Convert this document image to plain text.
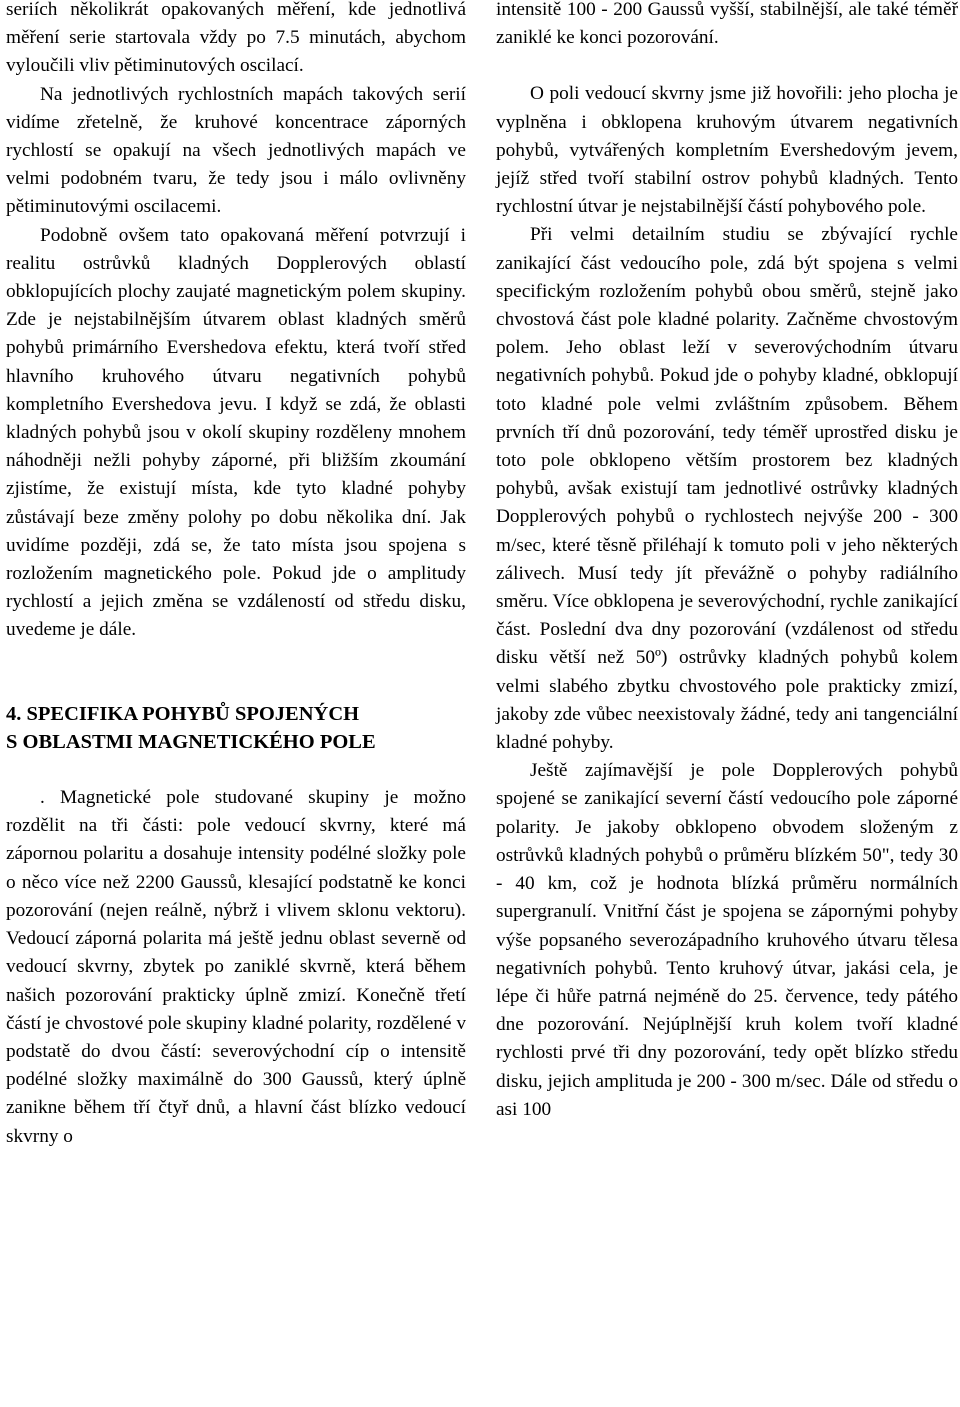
seriích několikrát opakovaných měření, kde jednotlivá měření serie startovala vždy po 7.5 minutách, abychom vyloučili vliv pětiminutových oscilací.

Na jednotlivých rychlostních mapách takových serií vidíme zřetelně, že kruhové koncentrace záporných rychlostí se opakují na všech jednotlivých mapách ve velmi podobném tvaru, že tedy jsou i málo ovlivněny pětiminutovými oscilacemi.

Podobně ovšem tato opakovaná měření potvrzují i realitu ostrůvků kladných Dopplerových oblastí obklopujících plochy zaujaté magnetickým polem skupiny. Zde je nejstabilnějším útvarem oblast kladných směrů pohybů primárního Evershedova efektu, která tvoří střed hlavního kruhového útvaru negativních pohybů kompletního Evershedova jevu. I když se zdá, že oblasti kladných pohybů jsou v okolí skupiny rozděleny mnohem náhodněji nežli pohyby záporné, při bližším zkoumání zjistíme, že existují místa, kde tyto kladné pohyby zůstávají beze změny polohy po dobu několika dní. Jak uvidíme později, zdá se, že tato místa jsou spojena s rozložením magnetického pole. Pokud jde o amplitudy rychlostí a jejich změna se vzdáleností od středu disku, uvedeme je dále.

4. SPECIFIKA POHYBŮ SPOJENÝCH
S OBLASTMI MAGNETICKÉHO POLE

. Magnetické pole studované skupiny je možno rozdělit na tři části: pole vedoucí skvrny, které má zápornou polaritu a dosahuje intensity podélné složky pole o něco více než 2200 Gaussů, klesající podstatně ke konci pozorování (nejen reálně, nýbrž i vlivem sklonu vektoru). Vedoucí záporná polarita má ještě jednu oblast severně od vedoucí skvrny, zbytek po zaniklé skvrně, která během našich pozorování prakticky úplně zmizí. Konečně třetí částí je chvostové pole skupiny kladné polarity, rozdělené v podstatě do dvou částí: severovýchodní cíp o intensitě podélné složky maximálně do 300 Gaussů, který úplně zanikne během tří čtyř dnů, a hlavní část blízko vedoucí skvrny o

intensitě 100 - 200 Gaussů vyšší, stabilnější, ale také téměř zaniklé ke konci pozorování.

O poli vedoucí skvrny jsme již hovořili: jeho plocha je vyplněna i obklopena kruhovým útvarem negativních pohybů, vytvářených kompletním Evershedovým jevem, jejíž střed tvoří stabilní ostrov pohybů kladných. Tento rychlostní útvar je nejstabilnější částí pohybového pole.

Při velmi detailním studiu se zbývající rychle zanikající část vedoucího pole, zdá být spojena s velmi specifickým rozložením pohybů obou směrů, stejně jako chvostová část pole kladné polarity. Začněme chvostovým polem. Jeho oblast leží v severovýchodním útvaru negativních pohybů. Pokud jde o pohyby kladné, obklopují toto kladné pole velmi zvláštním způsobem. Během prvních tří dnů pozorování, tedy téměř uprostřed disku je toto pole obklopeno větším prostorem bez kladných pohybů, avšak existují tam jednotlivé ostrůvky kladných Dopplerových pohybů o rychlostech nejvýše 200 - 300 m/sec, které těsně přiléhají k tomuto poli v jeho některých zálivech. Musí tedy jít převážně o pohyby radiálního směru. Více obklopena je severovýchodní, rychle zanikající část. Poslední dva dny pozorování (vzdálenost od středu disku větší než 50º) ostrůvky kladných pohybů kolem velmi slabého zbytku chvostového pole prakticky zmizí, jakoby zde vůbec neexistovaly žádné, tedy ani tangenciální kladné pohyby.

Ještě zajímavější je pole Dopplerových pohybů spojené se zanikající severní částí vedoucího pole záporné polarity. Je jakoby obklopeno obvodem složeným z ostrůvků kladných pohybů o průměru blízkém 50", tedy 30 - 40 km, což je hodnota blízká průměru normálních supergranulí. Vnitřní část je spojena se zápornými pohyby výše popsaného severozápadního kruhového útvaru tělesa negativních pohybů. Tento kruhový útvar, jakási cela, je lépe či hůře patrná nejméně do 25. července, tedy pátého dne pozorování. Nejúplnější kruh kolem tvoří kladné rychlosti prvé tři dny pozorování, tedy opět blízko středu disku, jejich amplituda je 200 - 300 m/sec. Dále od středu o asi 100
